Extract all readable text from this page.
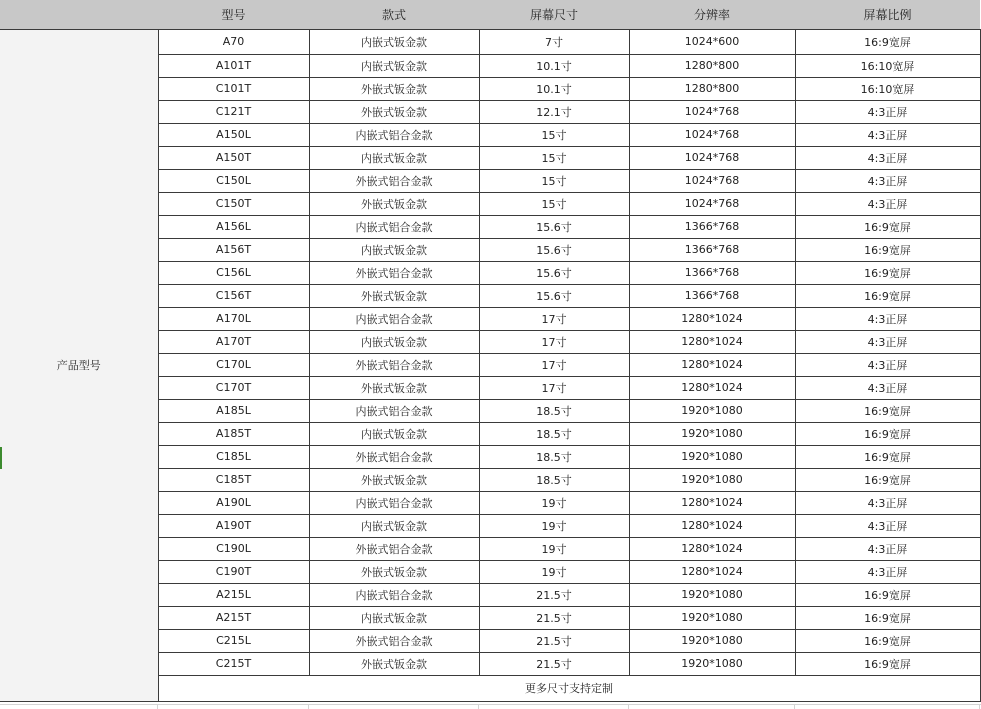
	型号	款式	屏幕尺寸	分辨率	屏幕比例
产品型号	A70	内嵌式钣金款	7寸	1024*600	16:9宽屏
	A101T	内嵌式钣金款	10.1寸	1280*800	16:10宽屏
	C101T	外嵌式钣金款	10.1寸	1280*800	16:10宽屏
	C121T	外嵌式钣金款	12.1寸	1024*768	4:3正屏
	A150L	内嵌式铝合金款	15寸	1024*768	4:3正屏
	A150T	内嵌式钣金款	15寸	1024*768	4:3正屏
	C150L	外嵌式铝合金款	15寸	1024*768	4:3正屏
	C150T	外嵌式钣金款	15寸	1024*768	4:3正屏
	A156L	内嵌式铝合金款	15.6寸	1366*768	16:9宽屏
	A156T	内嵌式钣金款	15.6寸	1366*768	16:9宽屏
	C156L	外嵌式铝合金款	15.6寸	1366*768	16:9宽屏
	C156T	外嵌式钣金款	15.6寸	1366*768	16:9宽屏
	A170L	内嵌式铝合金款	17寸	1280*1024	4:3正屏
	A170T	内嵌式钣金款	17寸	1280*1024	4:3正屏
	C170L	外嵌式铝合金款	17寸	1280*1024	4:3正屏
	C170T	外嵌式钣金款	17寸	1280*1024	4:3正屏
	A185L	内嵌式铝合金款	18.5寸	1920*1080	16:9宽屏
	A185T	内嵌式钣金款	18.5寸	1920*1080	16:9宽屏
	C185L	外嵌式铝合金款	18.5寸	1920*1080	16:9宽屏
	C185T	外嵌式钣金款	18.5寸	1920*1080	16:9宽屏
	A190L	内嵌式铝合金款	19寸	1280*1024	4:3正屏
	A190T	内嵌式钣金款	19寸	1280*1024	4:3正屏
	C190L	外嵌式铝合金款	19寸	1280*1024	4:3正屏
	C190T	外嵌式钣金款	19寸	1280*1024	4:3正屏
	A215L	内嵌式铝合金款	21.5寸	1920*1080	16:9宽屏
	A215T	内嵌式钣金款	21.5寸	1920*1080	16:9宽屏
	C215L	外嵌式铝合金款	21.5寸	1920*1080	16:9宽屏
	C215T	外嵌式钣金款	21.5寸	1920*1080	16:9宽屏
	更多尺寸支持定制				
